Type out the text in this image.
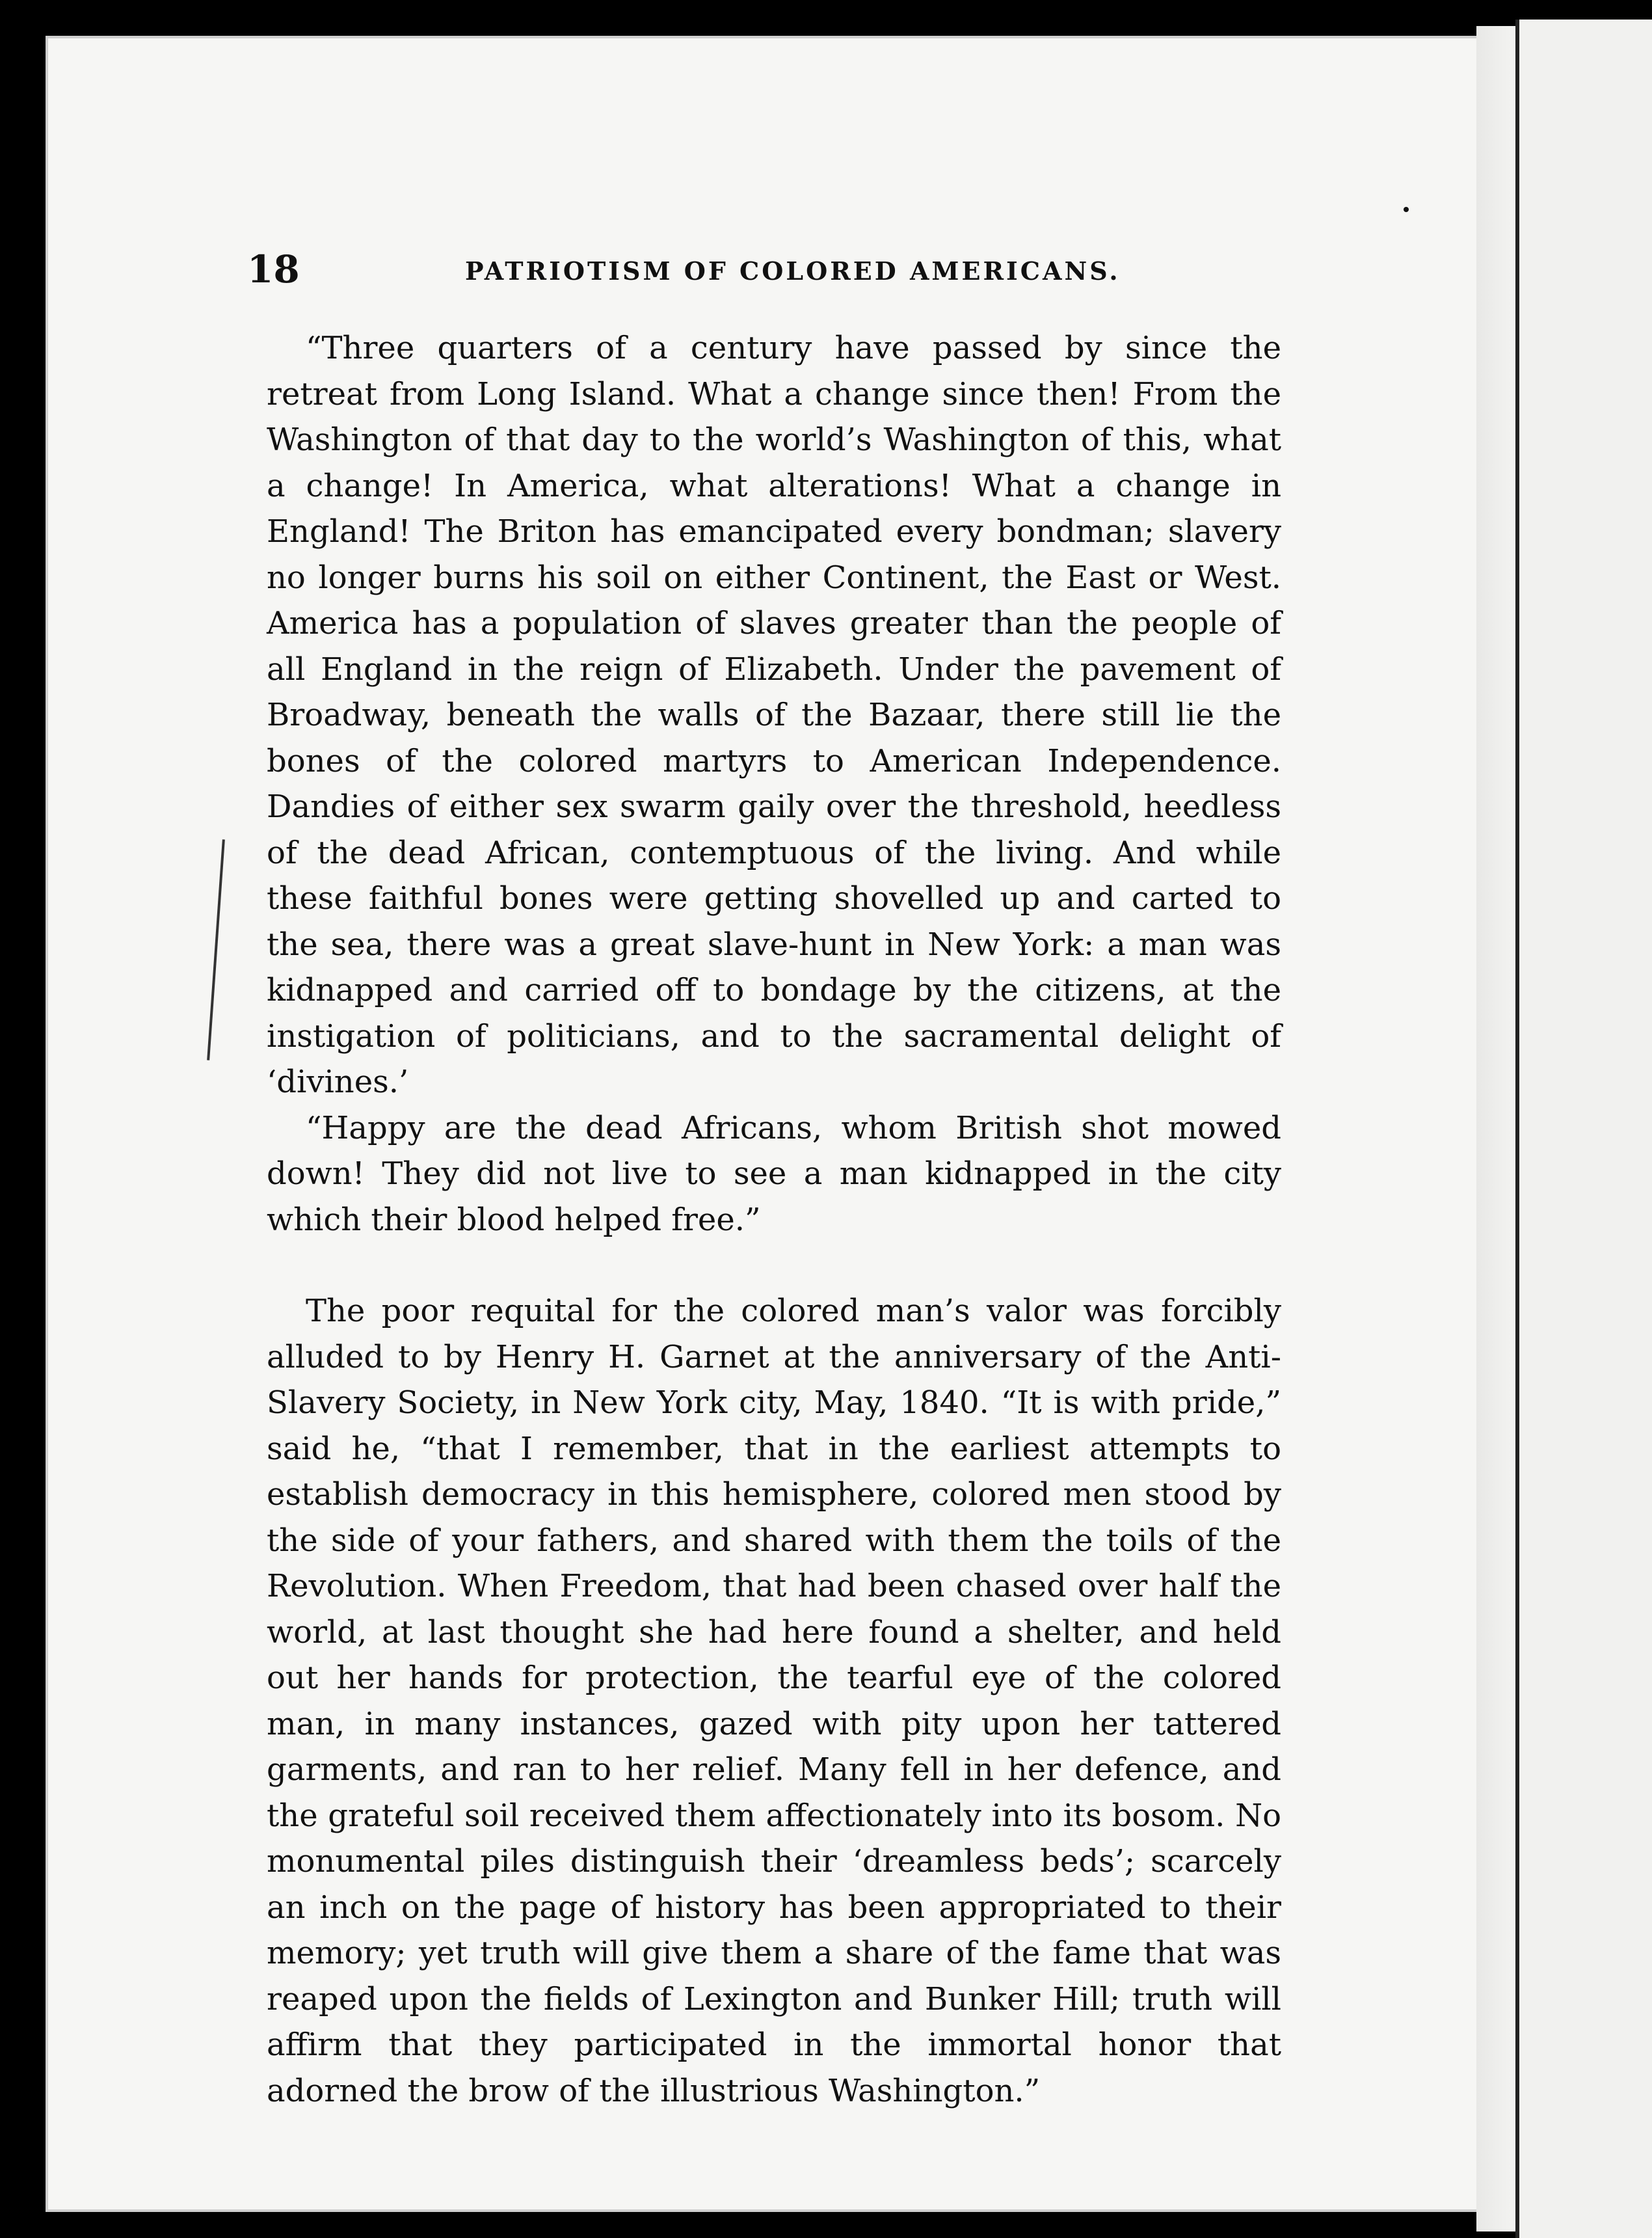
18	PATRIOTISM OF COLORED AMERICANS.

“Three quarters of a century have passed by since the retreat from Long Island. What a change since then! From the Washington of that day to the world’s Washington of this, what a change! In America, what alterations! What a change in England! The Briton has emancipated every bondman; slavery no longer burns his soil on either Continent, the East or West. America has a population of slaves greater than the people of all England in the reign of Elizabeth. Under the pavement of Broadway, beneath the walls of the Bazaar, there still lie the bones of the colored martyrs to American Independence. Dandies of either sex swarm gaily over the threshold, heedless of the dead African, contemptuous of the living. And while these faithful bones were getting shovelled up and carted to the sea, there was a great slave-hunt in New York: a man was kidnapped and carried off to bondage by the citizens, at the instigation of politicians, and to the sacramental delight of ‘divines.’

“Happy are the dead Africans, whom British shot mowed down! They did not live to see a man kidnapped in the city which their blood helped free.”

The poor requital for the colored man’s valor was forcibly alluded to by Henry H. Garnet at the anniversary of the Anti-Slavery Society, in New York city, May, 1840. “It is with pride,” said he, “that I remember, that in the earliest attempts to establish democracy in this hemisphere, colored men stood by the side of your fathers, and shared with them the toils of the Revolution. When Freedom, that had been chased over half the world, at last thought she had here found a shelter, and held out her hands for protection, the tearful eye of the colored man, in many instances, gazed with pity upon her tattered garments, and ran to her relief. Many fell in her defence, and the grateful soil received them affectionately into its bosom. No monumental piles distinguish their ‘dreamless beds’; scarcely an inch on the page of history has been appropriated to their memory; yet truth will give them a share of the fame that was reaped upon the fields of Lexington and Bunker Hill; truth will affirm that they participated in the immortal honor that adorned the brow of the illustrious Washington.”
